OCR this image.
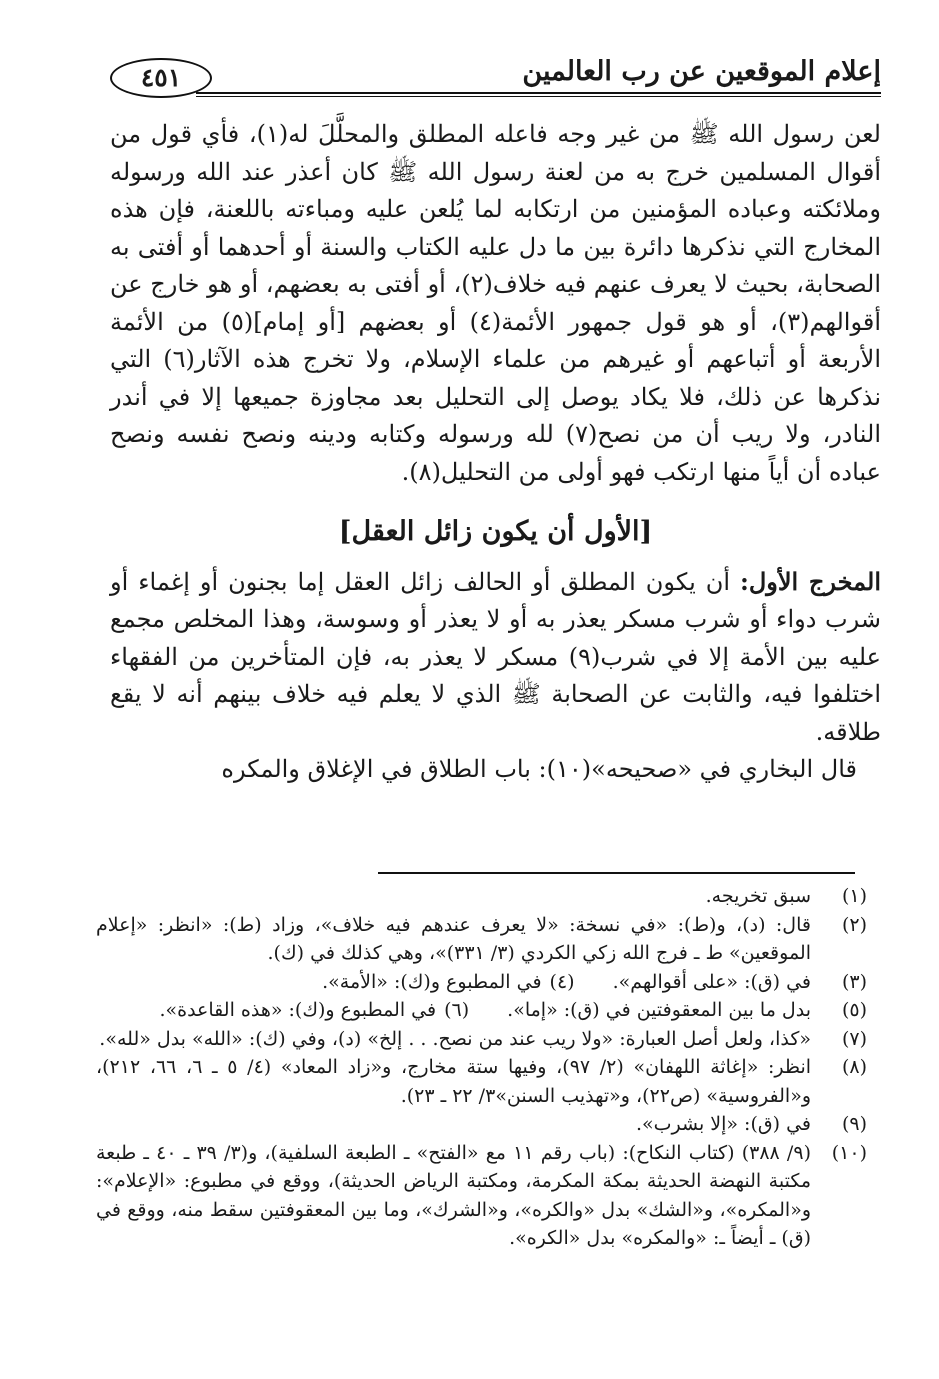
إعلام الموقعين عن رب العالمين
٤٥١

لعن رسول الله ﷺ من غير وجه فاعله المطلق والمحلَّلَ له(١)، فأي قول من أقوال المسلمين خرج به من لعنة رسول الله ﷺ كان أعذر عند الله ورسوله وملائكته وعباده المؤمنين من ارتكابه لما يُلعن عليه ومباءته باللعنة، فإن هذه المخارج التي نذكرها دائرة بين ما دل عليه الكتاب والسنة أو أحدهما أو أفتى به الصحابة، بحيث لا يعرف عنهم فيه خلاف(٢)، أو أفتى به بعضهم، أو هو خارج عن أقوالهم(٣)، أو هو قول جمهور الأئمة(٤) أو بعضهم [أو إمام](٥) من الأئمة الأربعة أو أتباعهم أو غيرهم من علماء الإسلام، ولا تخرج هذه الآثار(٦) التي نذكرها عن ذلك، فلا يكاد يوصل إلى التحليل بعد مجاوزة جميعها إلا في أندر النادر، ولا ريب أن من نصح(٧) لله ورسوله وكتابه ودينه ونصح نفسه ونصح عباده أن أياً منها ارتكب فهو أولى من التحليل(٨).

[الأول أن يكون زائل العقل]

المخرج الأول: أن يكون المطلق أو الحالف زائل العقل إما بجنون أو إغماء أو شرب دواء أو شرب مسكر يعذر به أو لا يعذر أو وسوسة، وهذا المخلص مجمع عليه بين الأمة إلا في شرب(٩) مسكر لا يعذر به، فإن المتأخرين من الفقهاء اختلفوا فيه، والثابت عن الصحابة ﷺ الذي لا يعلم فيه خلاف بينهم أنه لا يقع طلاقه.

قال البخاري في «صحيحه»(١٠): باب الطلاق في الإغلاق والمكره

(١)
سبق تخريجه.

(٢)
قال: (د)، و(ط): «في نسخة: «لا يعرف عندهم فيه خلاف»، وزاد (ط): «انظر: «إعلام الموقعين» ط ـ فرج الله زكي الكردي (٣/ ٣٣١)»، وهي كذلك في (ك).

(٣)
في (ق): «على أقوالهم».(٤)في المطبوع و(ك): «الأمة».

(٥)
بدل ما بين المعقوفتين في (ق): «إما».(٦)في المطبوع و(ك): «هذه القاعدة».

(٧)
«كذا، ولعل أصل العبارة: «ولا ريب عند من نصح. . . إلخ» (د)، وفي (ك): «الله» بدل «لله».

(٨)
انظر: «إغاثة اللهفان» (٢/ ٩٧)، وفيها ستة مخارج، و«زاد المعاد» (٤/ ٥ ـ ٦، ٦٦، ٢١٢)، و«الفروسية» (ص٢٢)، و«تهذيب السنن»٣/ ٢٢ ـ ٢٣).

(٩)
في (ق): «إلا بشرب».

(١٠)
(٩/ ٣٨٨) (كتاب النكاح): (باب رقم ١١ مع «الفتح» ـ الطبعة السلفية)، و(٣/ ٣٩ ـ ٤٠ ـ طبعة مكتبة النهضة الحديثة بمكة المكرمة، ومكتبة الرياض الحديثة)، ووقع في مطبوع: «الإعلام»: و«المكره»، و«الشك» بدل «والكره»، و«الشرك»، وما بين المعقوفتين سقط منه، ووقع في (ق) ـ أيضاً ـ: «والمكره» بدل «الكره».
